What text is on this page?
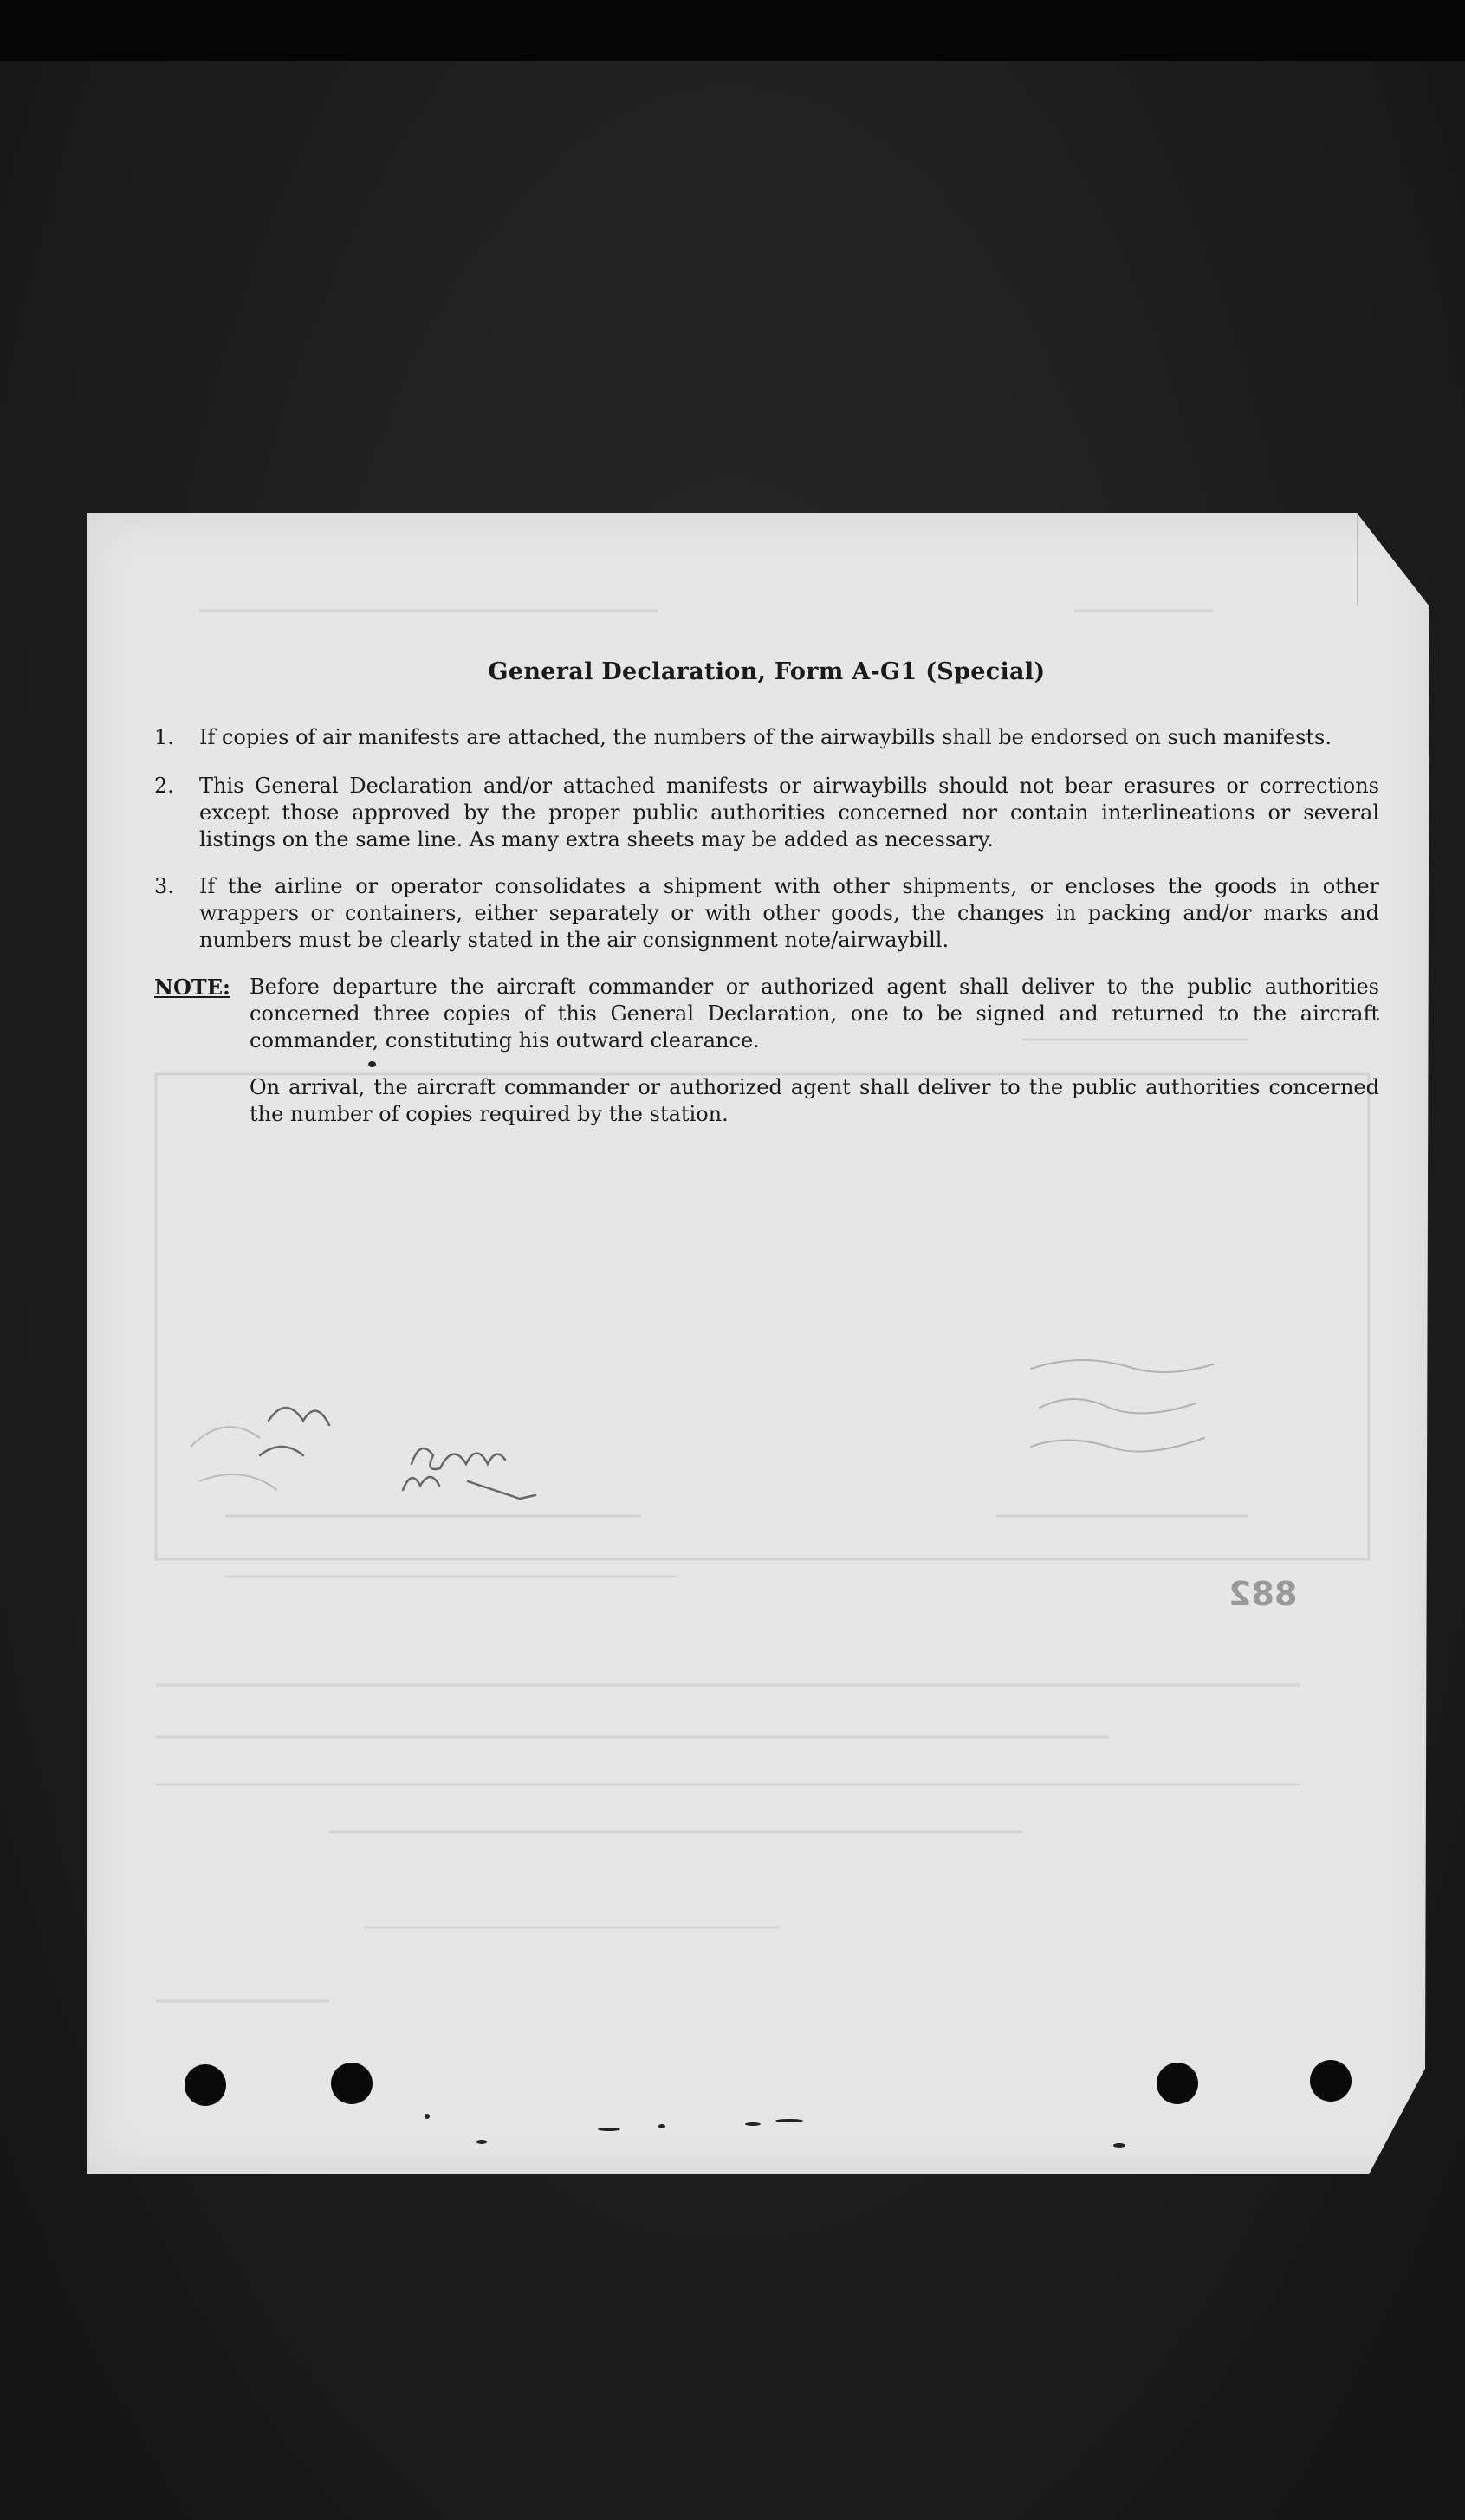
General Declaration, Form A-G1 (Special)
1.	If copies of air manifests are attached, the numbers of the airwaybills shall be endorsed on such manifests.
2.	This General Declaration and/or attached manifests or airwaybills should not bear erasures or corrections except those approved by the proper public authorities concerned nor contain interlineations or several listings on the same line. As many extra sheets may be added as necessary.
3.	If the airline or operator consolidates a shipment with other shipments, or encloses the goods in other wrappers or containers, either separately or with other goods, the changes in packing and/or marks and numbers must be clearly stated in the air consignment note/airwaybill.
NOTE: Before departure the aircraft commander or authorized agent shall deliver to the public authorities concerned three copies of this General Declaration, one to be signed and returned to the aircraft commander, constituting his outward clearance.
On arrival, the aircraft commander or authorized agent shall deliver to the public authorities concerned the number of copies required by the station.
882
